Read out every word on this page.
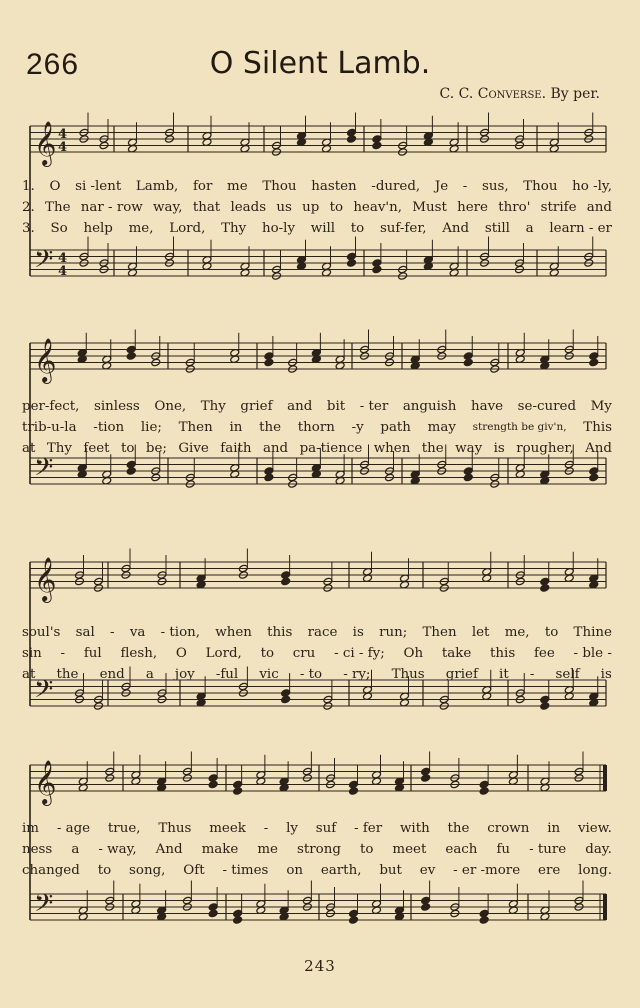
266	O Silent Lamb.
C. C. Converse. By per.
𝄞 4
4
𝄢 4
4
𝄞
𝄢
𝄞
𝄢
𝄞
𝄢
1. O si -lent Lamb, for me Thou hasten -dured, Je - sus, Thou ho -ly,
2. The nar - row way, that leads us up to heav'n, Must here thro' strife and
3. So help me, Lord, Thy ho-ly will to suf-fer, And still a learn - er
per-fect, sinless One, Thy grief and bit - ter anguish have se-cured My
trib-u-la -tion lie; Then in the thorn -y path may strength be giv'n, This
at Thy feet to be; Give faith and pa-tience when the way is rougher, And
soul's sal - va - tion, when this race is run; Then let me, to Thine
sin - ful flesh, O Lord, to cru - ci - fy; Oh take this fee - ble -
at the end a joy -ful vic - to - ry; Thus grief it - self is
im - age true, Thus meek - ly suf - fer with the crown in view.
ness a - way, And make me strong to meet each fu - ture day.
changed to song, Oft - times on earth, but ev - er -more ere long.
243
